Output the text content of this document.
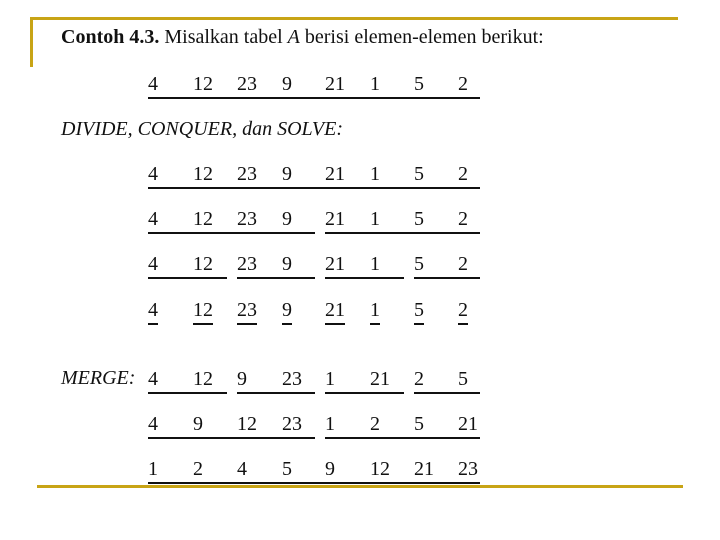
Contoh 4.3. Misalkan tabel A berisi elemen-elemen berikut:
DIVIDE, CONQUER, dan SOLVE:
MERGE:
4 12 23 9 21 1 5 2
4 12 23 9 21 1 5 2
4 12 23 9 21 1 5 2
4 12 23 9 21 1 5 2
4 12 23 9 21 1 5 2
4 12 9 23 1 21 2 5
4 9 12 23 1 2 5 21
1 2 4 5 9 12 21 23
